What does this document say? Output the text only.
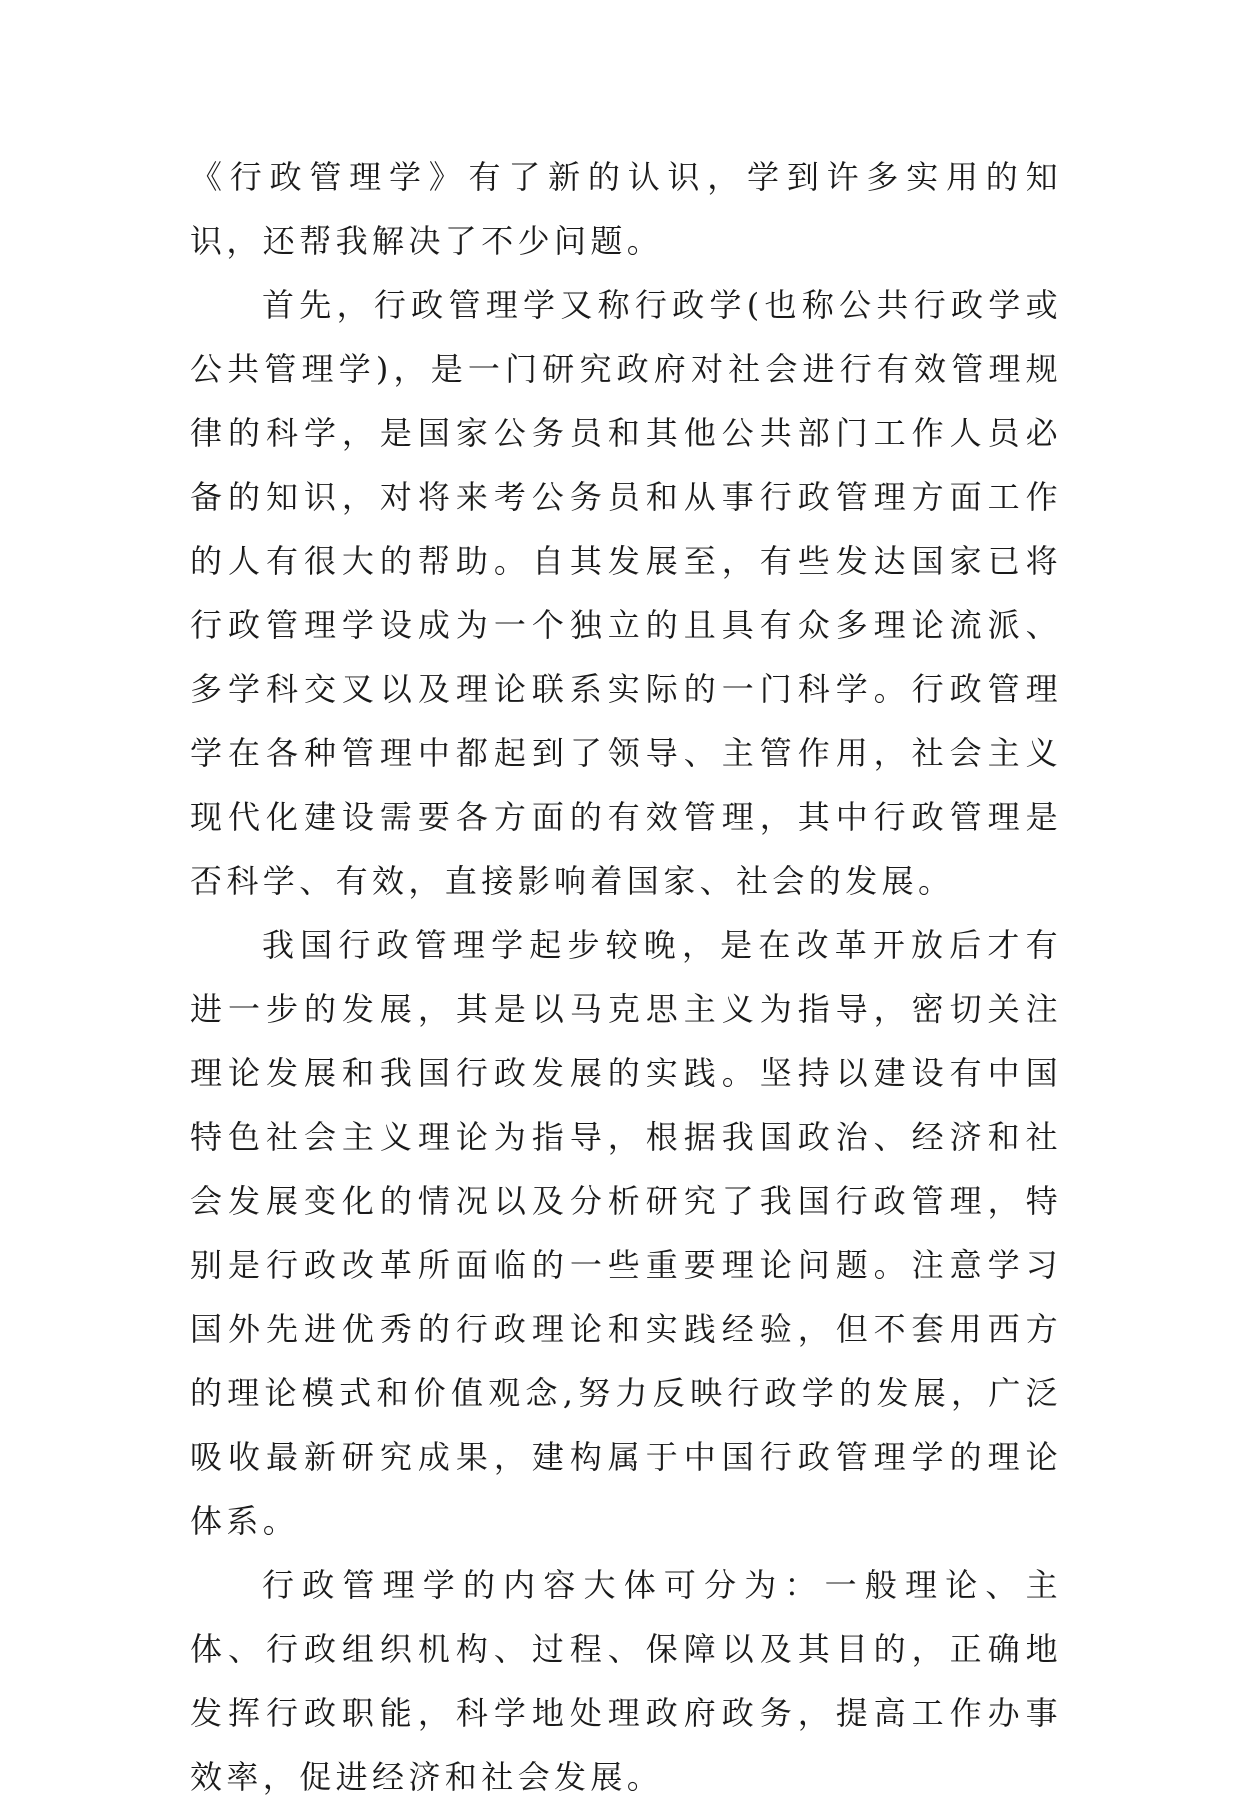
《行政管理学》有了新的认识，学到许多实用的知识，还帮我解决了不少问题。

首先，行政管理学又称行政学(也称公共行政学或公共管理学)，是一门研究政府对社会进行有效管理规律的科学，是国家公务员和其他公共部门工作人员必备的知识，对将来考公务员和从事行政管理方面工作的人有很大的帮助。自其发展至，有些发达国家已将行政管理学设成为一个独立的且具有众多理论流派、多学科交叉以及理论联系实际的一门科学。行政管理学在各种管理中都起到了领导、主管作用，社会主义现代化建设需要各方面的有效管理，其中行政管理是否科学、有效，直接影响着国家、社会的发展。

我国行政管理学起步较晚，是在改革开放后才有进一步的发展，其是以马克思主义为指导，密切关注理论发展和我国行政发展的实践。坚持以建设有中国特色社会主义理论为指导，根据我国政治、经济和社会发展变化的情况以及分析研究了我国行政管理，特别是行政改革所面临的一些重要理论问题。注意学习国外先进优秀的行政理论和实践经验，但不套用西方的理论模式和价值观念,努力反映行政学的发展，广泛吸收最新研究成果，建构属于中国行政管理学的理论体系。

行政管理学的内容大体可分为：一般理论、主体、行政组织机构、过程、保障以及其目的，正确地发挥行政职能，科学地处理政府政务，提高工作办事效率，促进经济和社会发展。
